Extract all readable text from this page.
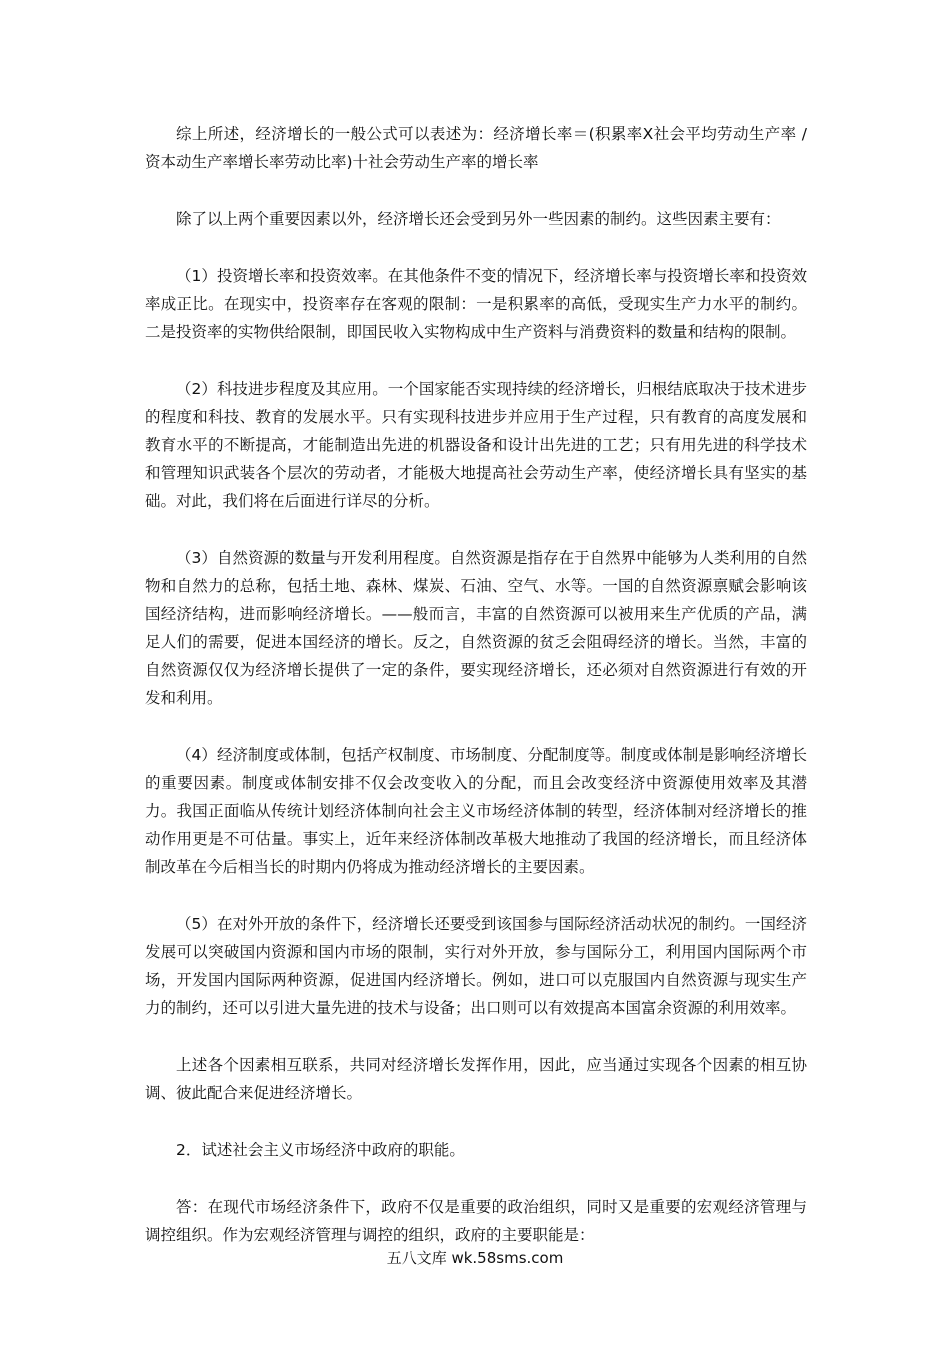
综上所述，经济增长的一般公式可以表述为：经济增长率＝(积累率X社会平均劳动生产率 / 资本动生产率增长率劳动比率)十社会劳动生产率的增长率

除了以上两个重要因素以外，经济增长还会受到另外一些因素的制约。这些因素主要有：

（1）投资增长率和投资效率。在其他条件不变的情况下，经济增长率与投资增长率和投资效率成正比。在现实中，投资率存在客观的限制：一是积累率的高低，受现实生产力水平的制约。二是投资率的实物供给限制，即国民收入实物构成中生产资料与消费资料的数量和结构的限制。

（2）科技进步程度及其应用。一个国家能否实现持续的经济增长，归根结底取决于技术进步的程度和科技、教育的发展水平。只有实现科技进步并应用于生产过程，只有教育的高度发展和教育水平的不断提高，才能制造出先进的机器设备和设计出先进的工艺；只有用先进的科学技术和管理知识武装各个层次的劳动者，才能极大地提高社会劳动生产率，使经济增长具有坚实的基础。对此，我们将在后面进行详尽的分析。

（3）自然资源的数量与开发利用程度。自然资源是指存在于自然界中能够为人类利用的自然物和自然力的总称，包括土地、森林、煤炭、石油、空气、水等。一国的自然资源禀赋会影响该国经济结构，进而影响经济增长。——般而言，丰富的自然资源可以被用来生产优质的产品，满足人们的需要，促进本国经济的增长。反之，自然资源的贫乏会阻碍经济的增长。当然，丰富的自然资源仅仅为经济增长提供了一定的条件，要实现经济增长，还必须对自然资源进行有效的开发和利用。

（4）经济制度或体制，包括产权制度、市场制度、分配制度等。制度或体制是影响经济增长的重要因素。制度或体制安排不仅会改变收入的分配，而且会改变经济中资源使用效率及其潜力。我国正面临从传统计划经济体制向社会主义市场经济体制的转型，经济体制对经济增长的推动作用更是不可估量。事实上，近年来经济体制改革极大地推动了我国的经济增长，而且经济体制改革在今后相当长的时期内仍将成为推动经济增长的主要因素。

（5）在对外开放的条件下，经济增长还要受到该国参与国际经济活动状况的制约。一国经济发展可以突破国内资源和国内市场的限制，实行对外开放，参与国际分工，利用国内国际两个市场，开发国内国际两种资源，促进国内经济增长。例如，进口可以克服国内自然资源与现实生产力的制约，还可以引进大量先进的技术与设备；出口则可以有效提高本国富余资源的利用效率。

上述各个因素相互联系，共同对经济增长发挥作用，因此，应当通过实现各个因素的相互协调、彼此配合来促进经济增长。

2．试述社会主义市场经济中政府的职能。

答：在现代市场经济条件下，政府不仅是重要的政治组织，同时又是重要的宏观经济管理与调控组织。作为宏观经济管理与调控的组织，政府的主要职能是：

五八文库 wk.58sms.com
